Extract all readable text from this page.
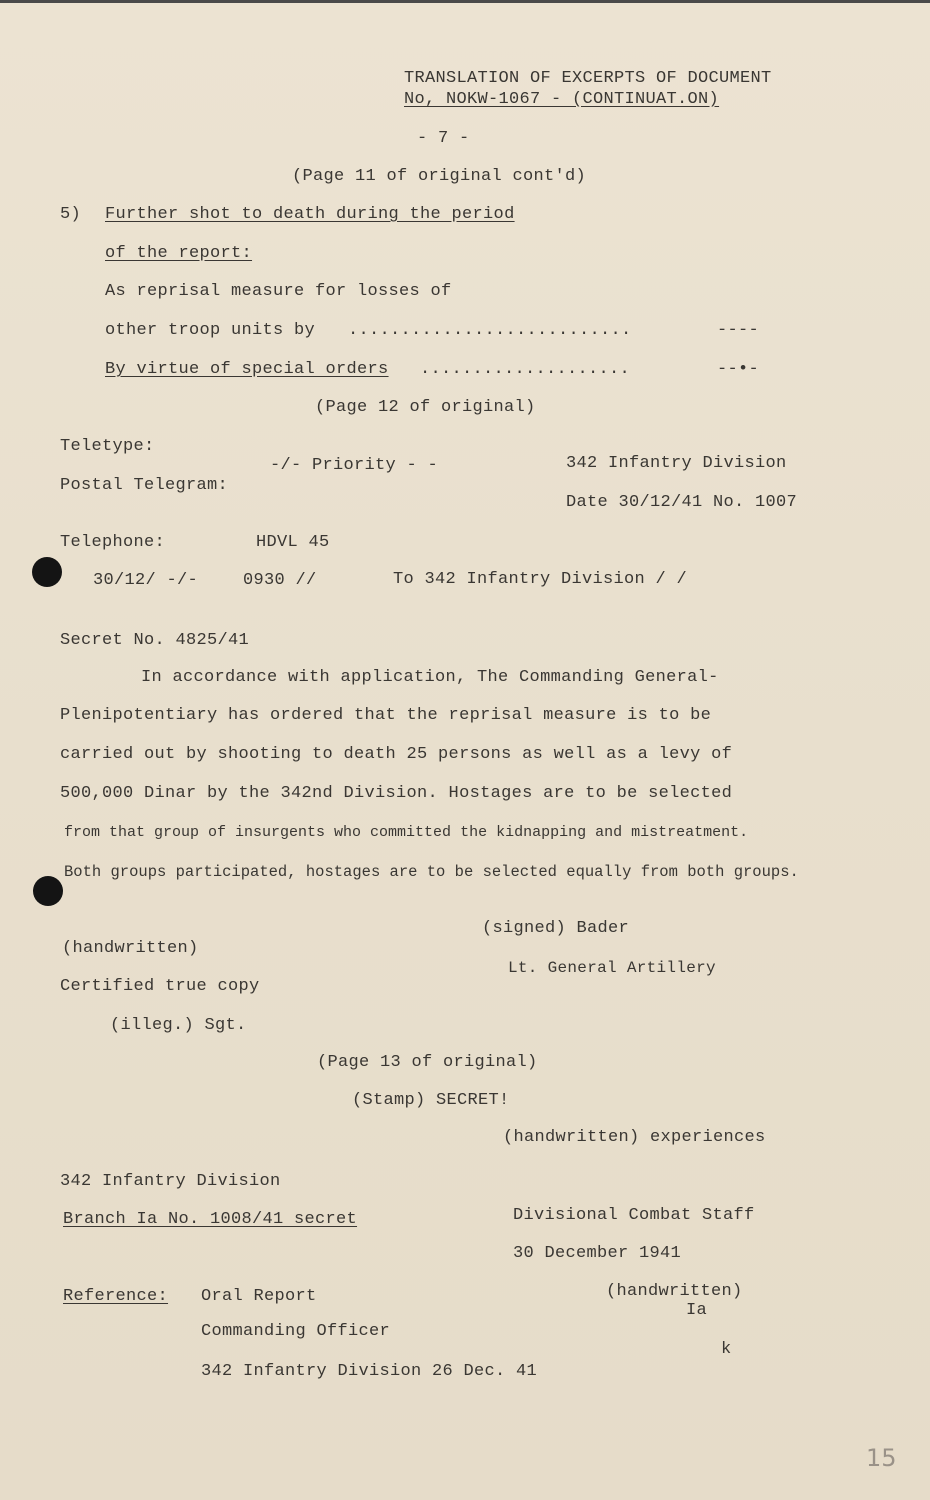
TRANSLATION OF EXCERPTS OF DOCUMENT
No, NOKW-1067 - (CONTINUAT.ON)
- 7 -
(Page 11 of original cont'd)
5) Further shot to death during the period
of the report:
As reprisal measure for losses of
other troop units by ...........................	----
By virtue of special orders ....................	--•-
(Page 12 of original)
Teletype:
-/- Priority - -	342 Infantry Division
Postal Telegram:
Date 30/12/41 No. 1007
Telephone:	HDVL 45
30/12/ -/-	0930 //	To 342 Infantry Division / /
Secret No. 4825/41
In accordance with application, The Commanding General-
Plenipotentiary has ordered that the reprisal measure is to be
carried out by shooting to death 25 persons as well as a levy of
500,000 Dinar by the 342nd Division. Hostages are to be selected
from that group of insurgents who committed the kidnapping and mistreatment.
Both groups participated, hostages are to be selected equally from both groups.
(signed) Bader
(handwritten)
Lt. General Artillery
Certified true copy
(illeg.) Sgt.
(Page 13 of original)
(Stamp) SECRET!
(handwritten) experiences
342 Infantry Division
Branch Ia No. 1008/41 secret	Divisional Combat Staff
30 December 1941
(handwritten)
Ia
Reference: Oral Report
Commanding Officer
k
342 Infantry Division 26 Dec. 41
15
